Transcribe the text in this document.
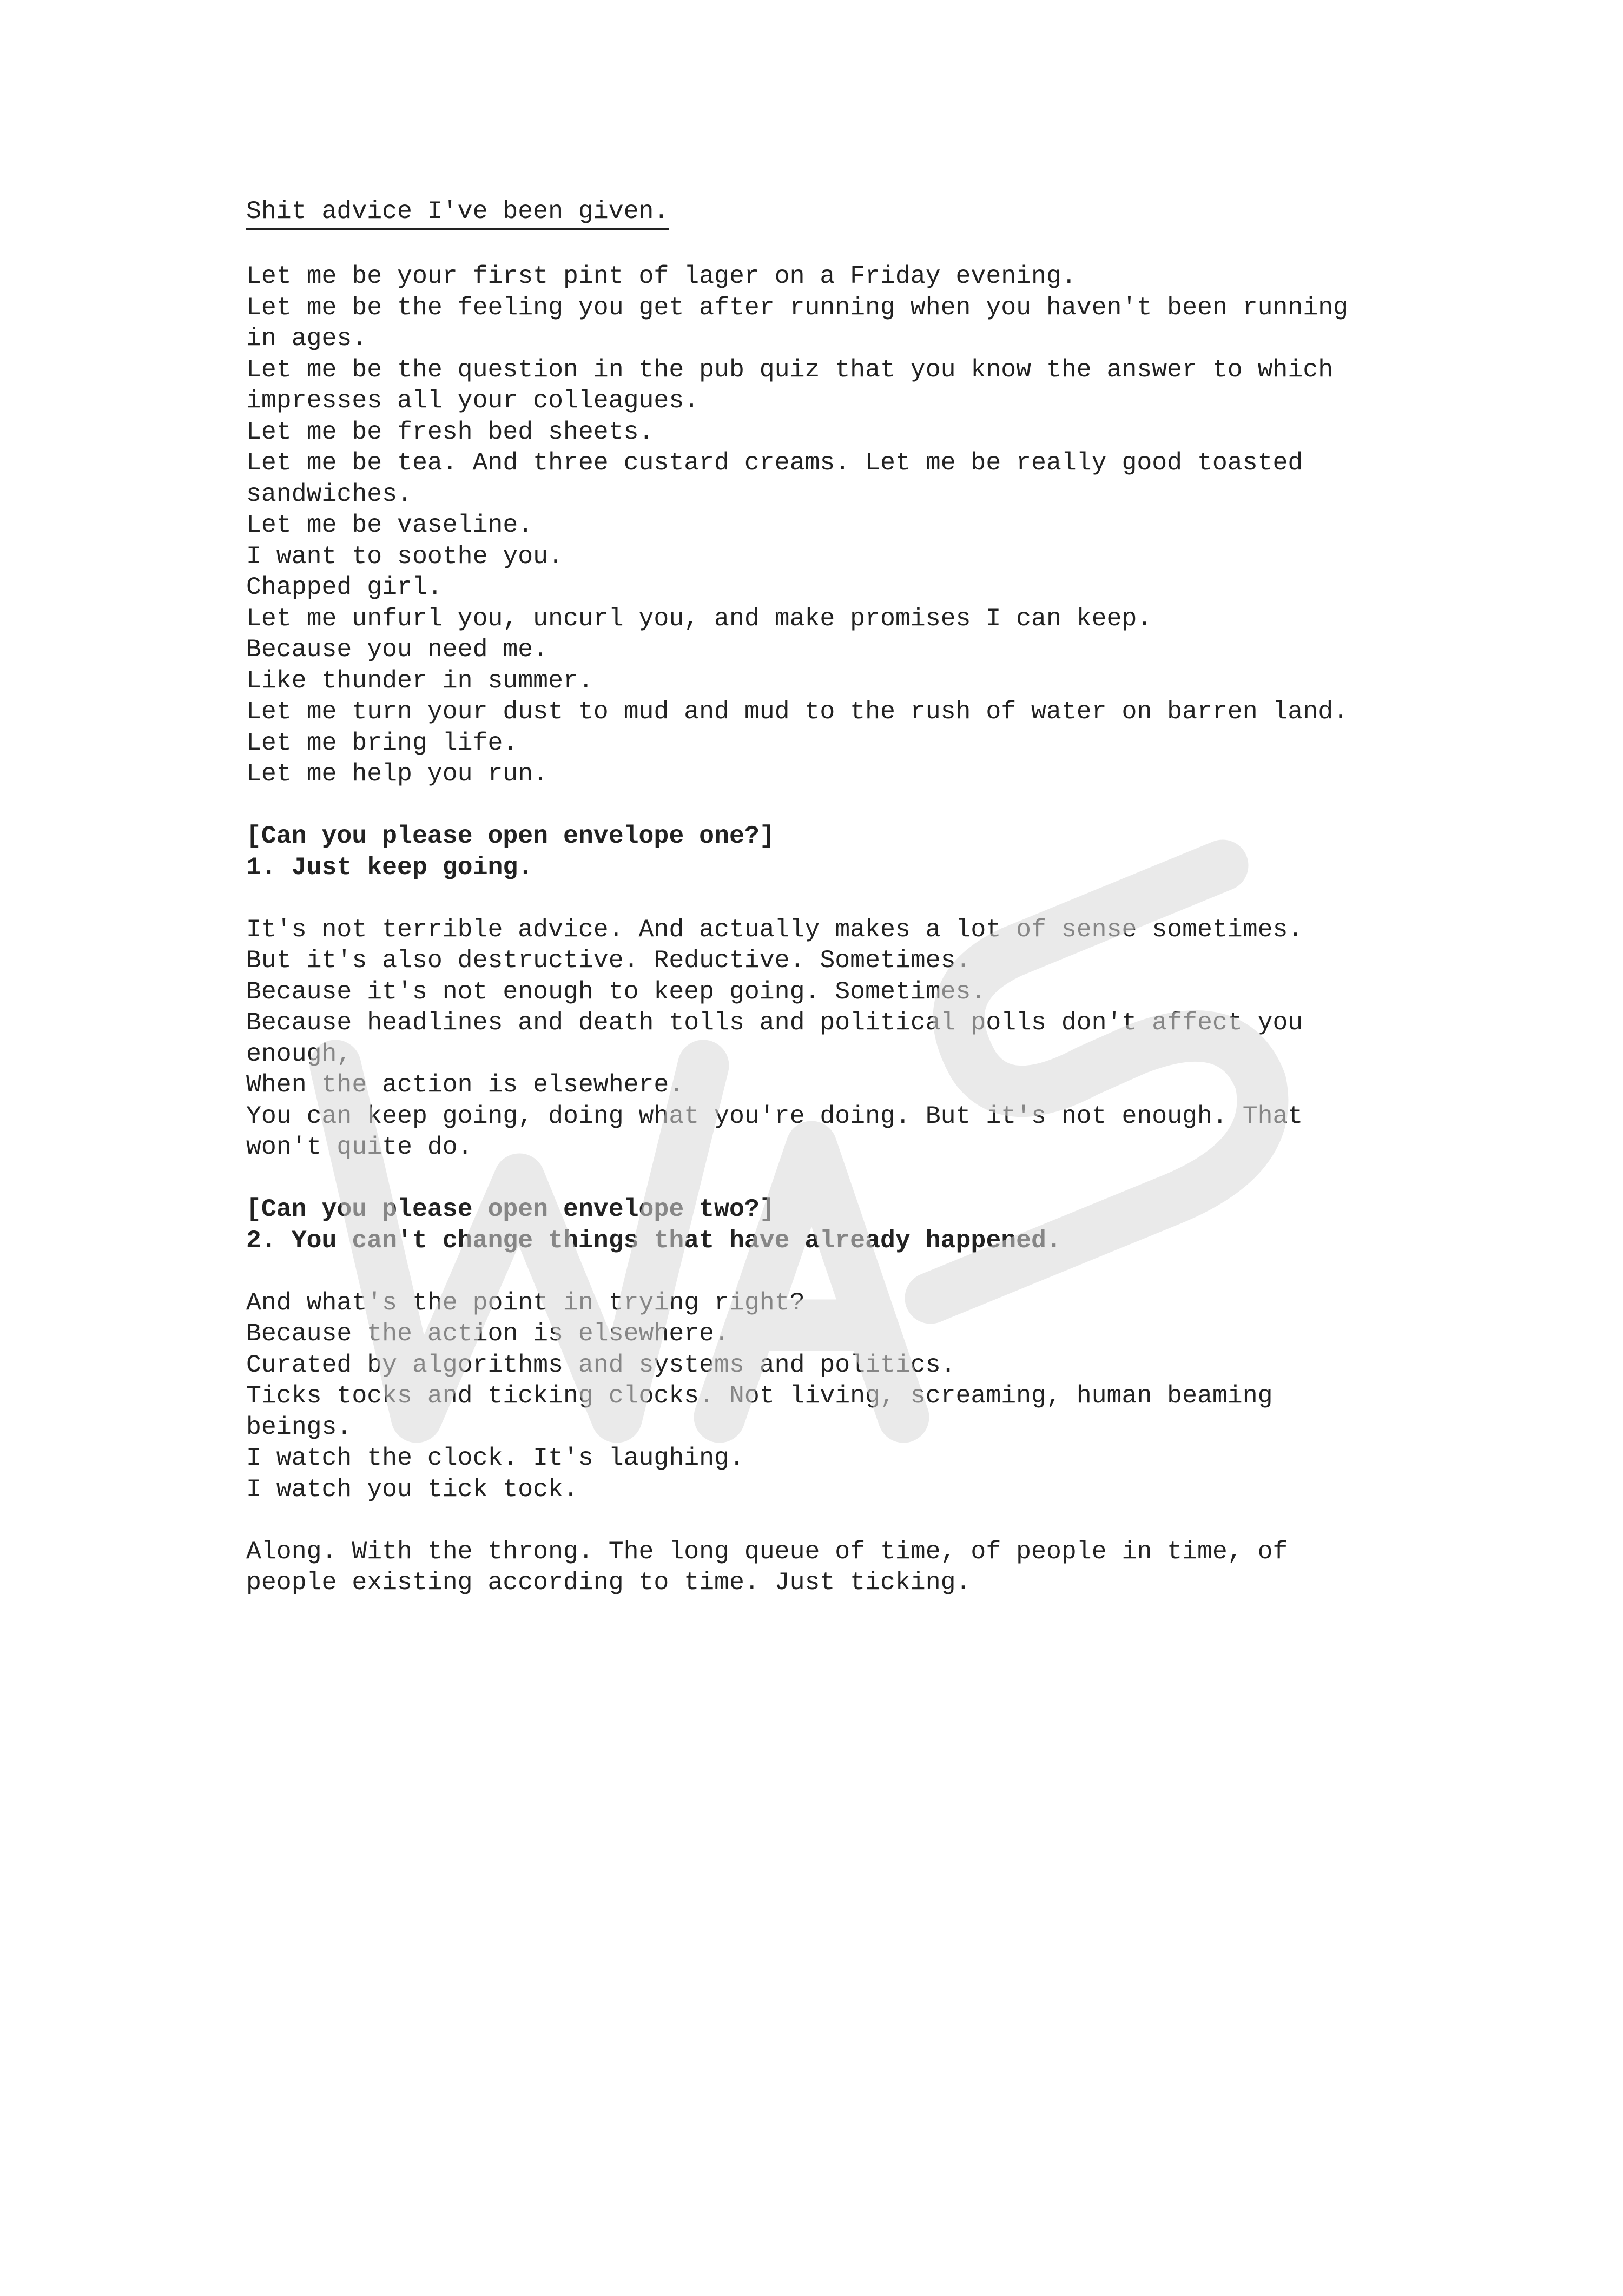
Shit advice I've been given.

Let me be your first pint of lager on a Friday evening.

Let me be the feeling you get after running when you haven't been running in ages.

Let me be the question in the pub quiz that you know the answer to which impresses all your colleagues.

Let me be fresh bed sheets.

Let me be tea. And three custard creams. Let me be really good toasted sandwiches.

Let me be vaseline.

I want to soothe you.

Chapped girl.

Let me unfurl you, uncurl you, and make promises I can keep.

Because you need me.

Like thunder in summer.

Let me turn your dust to mud and mud to the rush of water on barren land.

Let me bring life.

Let me help you run.

[Can you please open envelope one?]

1. Just keep going.

It's not terrible advice. And actually makes a lot of sense sometimes.

But it's also destructive. Reductive. Sometimes.

Because it's not enough to keep going. Sometimes.

Because headlines and death tolls and political polls don't affect you enough,

When the action is elsewhere.

You can keep going, doing what you're doing. But it's not enough. That won't quite do.

[Can you please open envelope two?]

2. You can't change things that have already happened.

And what's the point in trying right?

Because the action is elsewhere.

Curated by algorithms and systems and politics.

Ticks tocks and ticking clocks. Not living, screaming, human beaming beings.

I watch the clock. It's laughing.

I watch you tick tock.

Along. With the throng. The long queue of time, of people in time, of people existing according to time. Just ticking.
